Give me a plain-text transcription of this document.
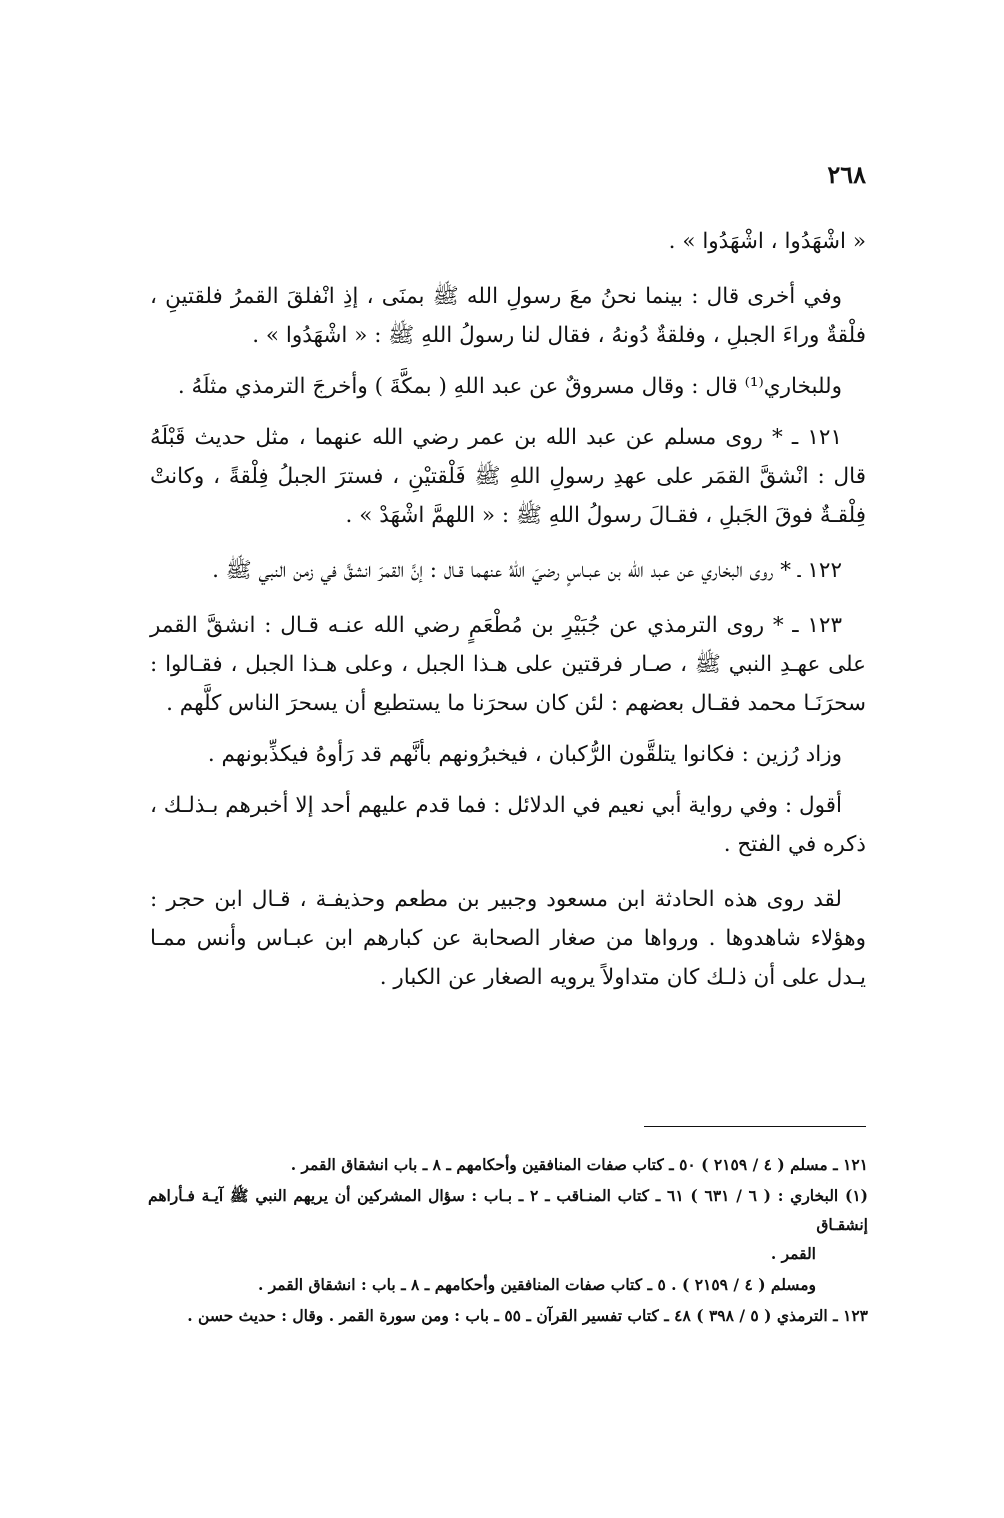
٢٦٨

« اشْهَدُوا ، اشْهَدُوا » .

وفي أخرى قال : بينما نحنُ معَ رسولِ الله ﷺ بمنَى ، إذِ انْفلقَ القمرُ فلقتينِ ، فلْقةٌ وراءَ الجبلِ ، وفلقةٌ دُونهُ ، فقال لنا رسولُ اللهِ ﷺ : « اشْهَدُوا » .

وللبخاري⁽¹⁾ قال : وقال مسروقٌ عن عبد اللهِ ( بمكَّةَ ) وأخرجَ الترمذي مثلَهُ .

١٢١ ـ * روى مسلم عن عبد الله بن عمر رضي الله عنهما ، مثل حديث قَبْلَهُ قال : انْشقَّ القمَر على عهدِ رسولِ اللهِ ﷺ فَلْقتيْنِ ، فسترَ الجبلُ فِلْقةً ، وكانتْ فِلْقـةٌ فوقَ الجَبلِ ، فقـالَ رسولُ اللهِ ﷺ : « اللهمَّ اشْهَدْ » .

١٢٢ ـ * روى البخاري عن عبد الله بن عبـاسٍ رضيَ اللهُ عنهما قـال : إنَّ القمرَ انشقَّ في زمن النبي ﷺ .

١٢٣ ـ * روى الترمذي عن جُبَيْرِ بن مُطْعَمٍ رضي الله عنـه قـال : انشقَّ القمر على عهـدِ النبي ﷺ ، صـار فرقتين على هـذا الجبل ، وعلى هـذا الجبل ، فقـالوا : سحرَنَـا محمد فقـال بعضهم : لئن كان سحرَنا ما يستطيع أن يسحرَ الناس كلَّهم .

وزاد رُزين : فكانوا يتلقَّون الرُّكبان ، فيخبرُونهم بأنَّهم قد رَأوهُ فيكذِّبونهم .

أقول : وفي رواية أبي نعيم في الدلائل : فما قدم عليهم أحد إلا أخبرهم بـذلـك ، ذكره في الفتح .

لقد روى هذه الحادثة ابن مسعود وجبير بن مطعم وحذيفـة ، قـال ابن حجر : وهؤلاء شاهدوها . ورواها من صغار الصحابة عن كبارهم ابن عبـاس وأنس ممـا يـدل على أن ذلـك كان متداولاً يرويه الصغار عن الكبار .

١٢١ ـ مسلم ( ٤ / ٢١٥٩ ) ٥٠ ـ كتاب صفات المنافقين وأحكامهم ـ ٨ ـ باب انشقاق القمر .

(١) البخاري : ( ٦ / ٦٣١ ) ٦١ ـ كتاب المنـاقب ـ ٢ ـ بـاب : سؤال المشركين أن يريهم النبي ﷺ آيـة فـأراهم إنشقـاق
القمر .

ومسلم ( ٤ / ٢١٥٩ ) . ٥ ـ كتاب صفات المنافقين وأحكامهم ـ ٨ ـ باب : انشقاق القمر .

١٢٣ ـ الترمذي ( ٥ / ٣٩٨ ) ٤٨ ـ كتاب تفسير القرآن ـ ٥٥ ـ باب : ومن سورة القمر . وقال : حديث حسن .
